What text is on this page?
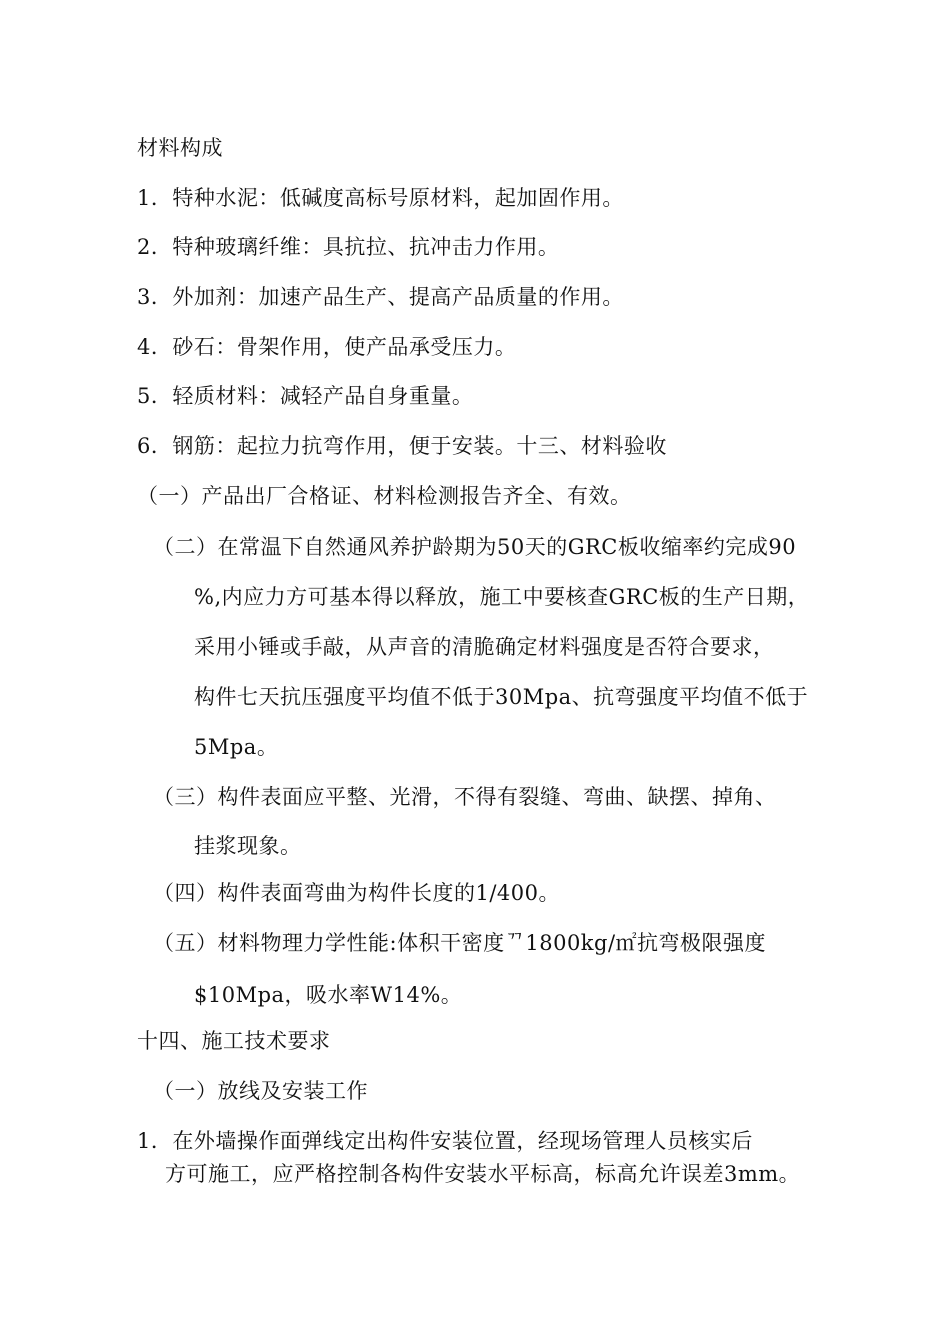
材料构成
1．特种水泥：低碱度高标号原材料，起加固作用。
2．特种玻璃纤维：具抗拉、抗冲击力作用。
3．外加剂：加速产品生产、提高产品质量的作用。
4．砂石：骨架作用，使产品承受压力。
5．轻质材料：减轻产品自身重量。
6．钢筋：起拉力抗弯作用，便于安装。十三、材料验收
（一）产品出厂合格证、材料检测报告齐全、有效。
（二）在常温下自然通风养护龄期为50天的GRC板收缩率约完成90
%,内应力方可基本得以释放，施工中要核查GRC板的生产日期，
采用小锤或手敲，从声音的清脆确定材料强度是否符合要求，
构件七天抗压强度平均值不低于30Mpa、抗弯强度平均值不低于
5Mpa。
（三）构件表面应平整、光滑，不得有裂缝、弯曲、缺摆、掉角、
挂浆现象。
（四）构件表面弯曲为构件长度的1/400。
（五）材料物理力学性能:体积干密度ᄁ1800kg/㎡抗弯极限强度
$10Mpa，吸水率W14%。
十四、施工技术要求
（一）放线及安装工作
1．在外墙操作面弹线定出构件安装位置，经现场管理人员核实后
方可施工，应严格控制各构件安装水平标高，标高允许误差3mm。
